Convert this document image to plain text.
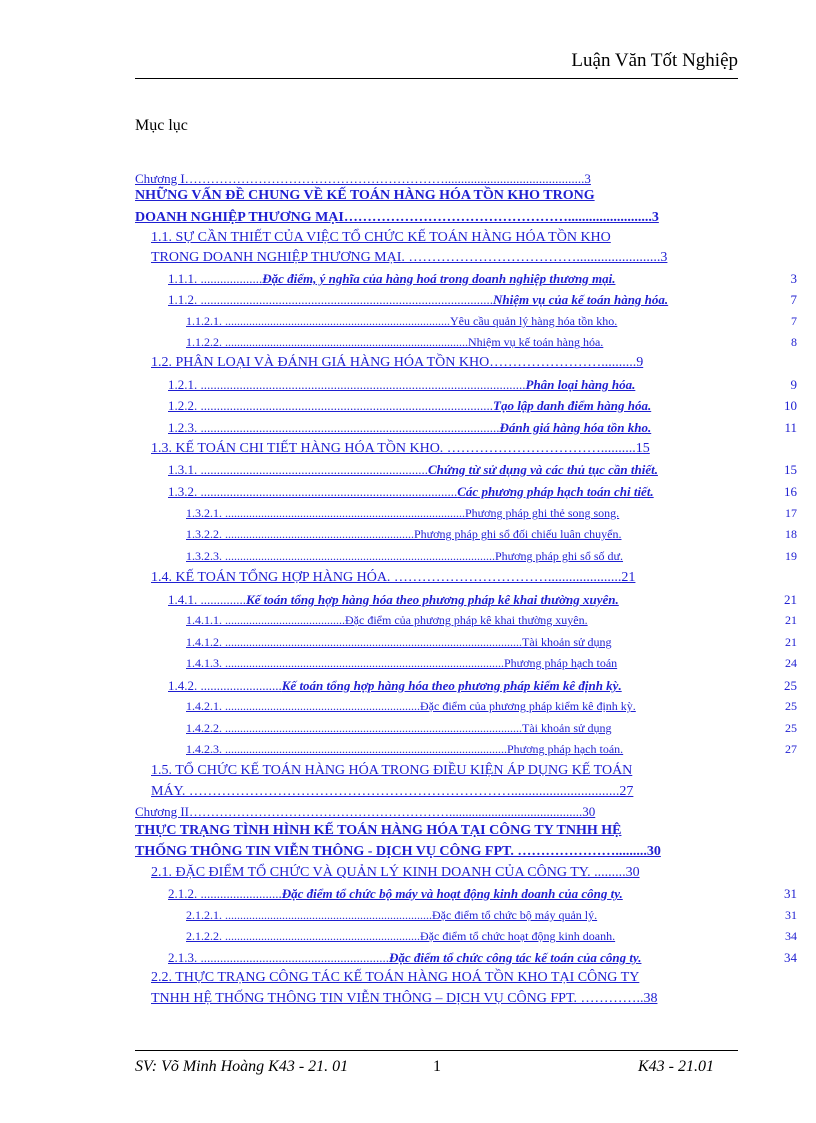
Luận Văn Tốt Nghiệp
Mục lục
Chương I……………………………………………………...........................................3
NHỮNG VẤN ĐỀ CHUNG VỀ KẾ TOÁN HÀNG HÓA TỒN KHO TRONG
DOANH NGHIỆP THƯƠNG MẠI…………………………………………........................3
1.1. SỰ CẦN THIẾT CỦA VIỆC TỔ CHỨC KẾ TOÁN HÀNG HÓA TỒN KHO
TRONG DOANH NGHIỆP THƯƠNG MẠI. ………………………………........................3
1.1.1. ...................Đặc điểm, ý nghĩa của hàng hoá trong doanh nghiệp thương mại.	3
1.1.2. ..........................................................................................Nhiệm vụ của kế toán hàng hóa.	7
1.1.2.1. ...........................................................................Yêu cầu quản lý hàng hóa tồn kho.	7
1.1.2.2. .................................................................................Nhiệm vụ kế toán hàng hóa.	8
1.2. PHÂN LOẠI VÀ ĐÁNH GIÁ HÀNG HÓA TỒN KHO……………………..........9
1.2.1. ....................................................................................................Phân loại hàng hóa.	9
1.2.2. ..........................................................................................Tạo lập danh điểm hàng hóa.	10
1.2.3. ............................................................................................Đánh giá hàng hóa tồn kho.	11
1.3. KẾ TOÁN CHI TIẾT HÀNG HÓA TỒN KHO. ……………………………..........15
1.3.1. ......................................................................Chứng từ sử dụng và các thủ tục cần thiết.	15
1.3.2. ...............................................................................Các phương pháp hạch toán chi tiết.	16
1.3.2.1. ................................................................................Phương pháp ghi thẻ song song.	17
1.3.2.2. ...............................................................Phương pháp ghi sổ đối chiếu luân chuyển.	18
1.3.2.3. ..........................................................................................Phương pháp ghi sổ số dư.	19
1.4. KẾ TOÁN TỔNG HỢP HÀNG HÓA. …………………………….....................21
1.4.1. ..............Kế toán tổng hợp hàng hóa theo phương pháp kê khai thường xuyên.	21
1.4.1.1. ........................................Đặc điểm của phương pháp kê khai thường xuyên.	21
1.4.1.2. ...................................................................................................Tài khoản sử dụng	21
1.4.1.3. .............................................................................................Phương pháp hạch toán	24
1.4.2. .........................Kế toán tổng hợp hàng hóa theo phương pháp kiểm kê định kỳ.	25
1.4.2.1. .................................................................Đặc điểm của phương pháp kiểm kê định kỳ.	25
1.4.2.2. ...................................................................................................Tài khoản sử dụng	25
1.4.2.3. ..............................................................................................Phương pháp hạch toán.	27
1.5. TỔ CHỨC KẾ TOÁN HÀNG HÓA TRONG ĐIỀU KIỆN ÁP DỤNG KẾ TOÁN
MÁY. ……………………………………………………………...............................27
Chương II…………………………………………………….........................................30
THỰC TRẠNG TÌNH HÌNH KẾ TOÁN HÀNG HÓA TẠI CÔNG TY TNHH HỆ
THỐNG THÔNG TIN VIỄN THÔNG - DỊCH VỤ CÔNG FPT. ………………….........30
2.1. ĐẶC ĐIỂM TỔ CHỨC VÀ QUẢN LÝ KINH DOANH CỦA CÔNG TY. .........30
2.1.2. .........................Đặc điểm tổ chức bộ máy và hoạt động kinh doanh của công ty.	31
2.1.2.1. .....................................................................Đặc điểm tổ chức bộ máy quản lý.	31
2.1.2.2. .................................................................Đặc điểm tổ chức hoạt động kinh doanh.	34
2.1.3. ..........................................................Đặc điểm tổ chức công tác kế toán của công ty.	34
2.2. THỰC TRẠNG CÔNG TÁC KẾ TOÁN HÀNG HOÁ TỒN KHO TẠI CÔNG TY
TNHH HỆ THỐNG THÔNG TIN VIỄN THÔNG – DỊCH VỤ CÔNG FPT. …………..38
SV: Võ Minh Hoàng K43 - 21. 01	1	K43 - 21.01
